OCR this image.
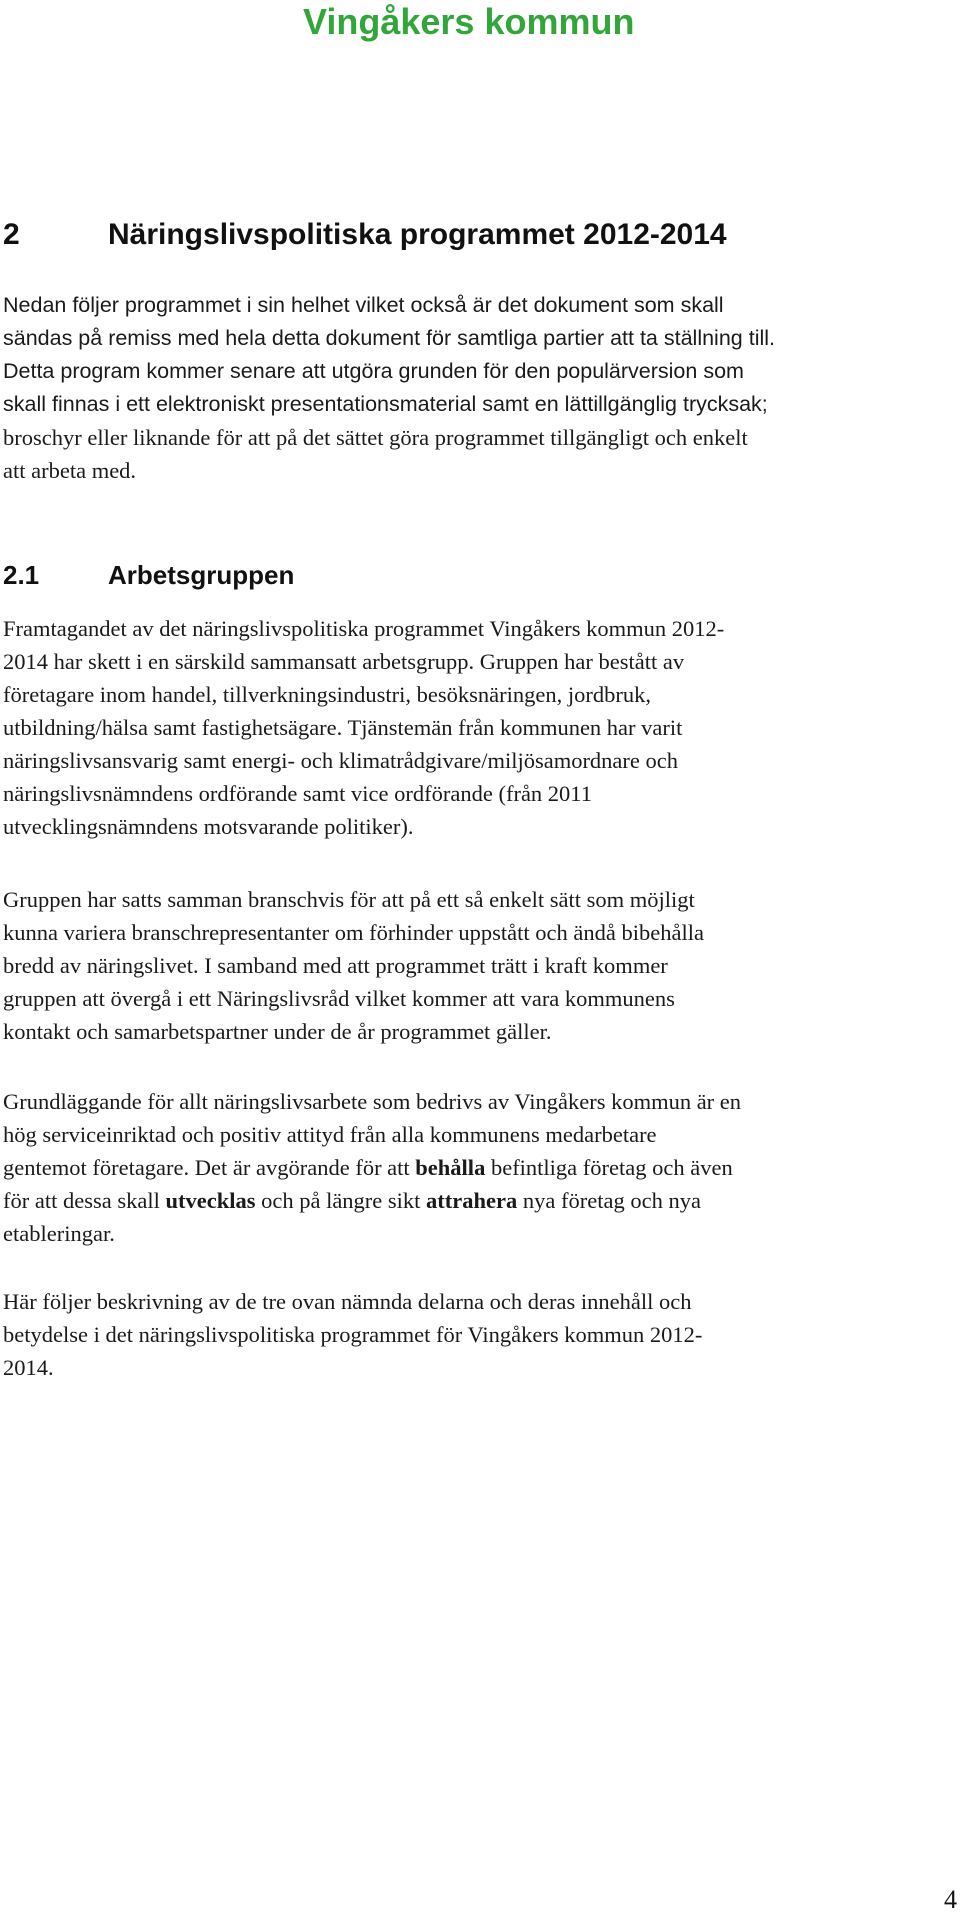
Vingåkers kommun
2	Näringslivspolitiska programmet 2012-2014
Nedan följer programmet i sin helhet vilket också är det dokument som skall
sändas på remiss med hela detta dokument för samtliga partier att ta ställning till.
Detta program kommer senare att utgöra grunden för den populärversion som
skall finnas i ett elektroniskt presentationsmaterial samt en lättillgänglig trycksak;
broschyr eller liknande för att på det sättet göra programmet tillgängligt och enkelt
att arbeta med.
2.1	Arbetsgruppen
Framtagandet av det näringslivspolitiska programmet Vingåkers kommun 2012-
2014 har skett i en särskild sammansatt arbetsgrupp. Gruppen har bestått av
företagare inom handel, tillverkningsindustri, besöksnäringen, jordbruk,
utbildning/hälsa samt fastighetsägare. Tjänstemän från kommunen har varit
näringslivsansvarig samt energi- och klimatrådgivare/miljösamordnare och
näringslivsnämndens ordförande samt vice ordförande (från 2011
utvecklingsnämndens motsvarande politiker).
Gruppen har satts samman branschvis för att på ett så enkelt sätt som möjligt
kunna variera branschrepresentanter om förhinder uppstått och ändå bibehålla
bredd av näringslivet. I samband med att programmet trätt i kraft kommer
gruppen att övergå i ett Näringslivsråd vilket kommer att vara kommunens
kontakt och samarbetspartner under de år programmet gäller.
Grundläggande för allt näringslivsarbete som bedrivs av Vingåkers kommun är en
hög serviceinriktad och positiv attityd från alla kommunens medarbetare
gentemot företagare. Det är avgörande för att behålla befintliga företag och även
för att dessa skall utvecklas och på längre sikt attrahera nya företag och nya
etableringar.
Här följer beskrivning av de tre ovan nämnda delarna och deras innehåll och
betydelse i det näringslivspolitiska programmet för Vingåkers kommun 2012-
2014.
4
